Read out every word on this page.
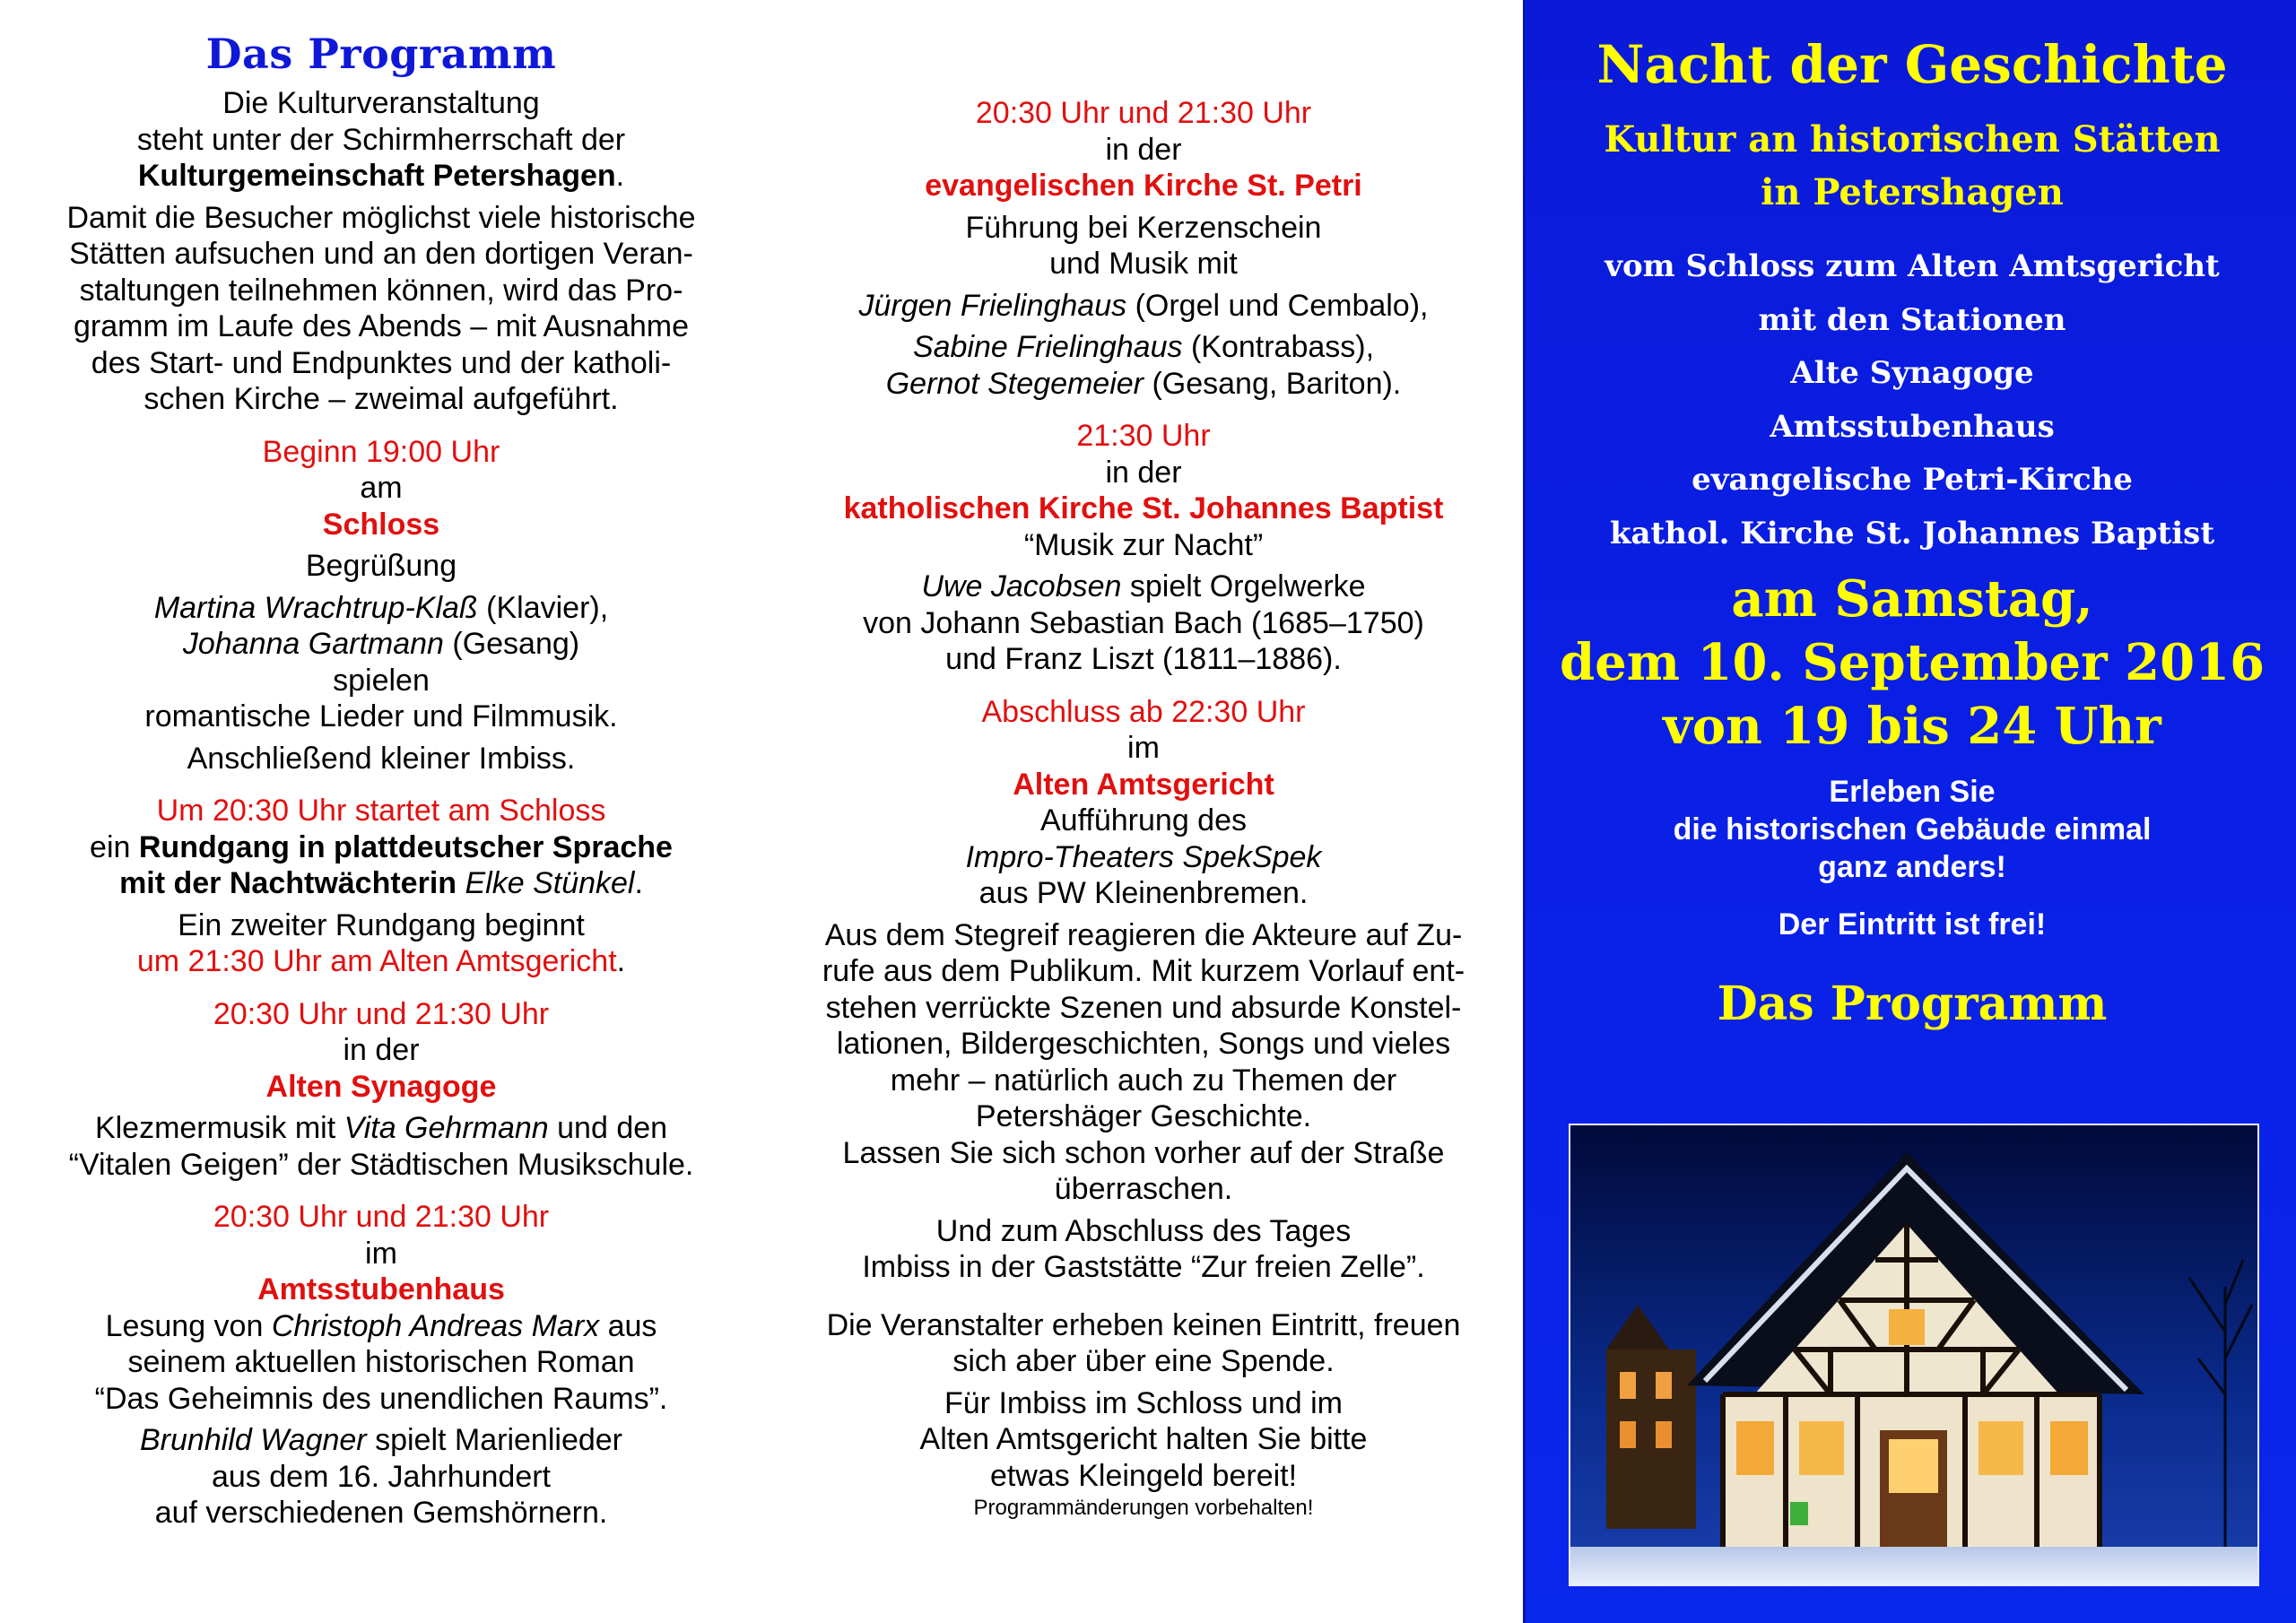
Das Programm
Die Kulturveranstaltung
steht unter der Schirmherrschaft der
Kulturgemeinschaft Petershagen.
Damit die Besucher möglichst viele historische
Stätten aufsuchen und an den dortigen Veran-
staltungen teilnehmen können, wird das Pro-
gramm im Laufe des Abends – mit Ausnahme
des Start- und Endpunktes und der katholi-
schen Kirche – zweimal aufgeführt.
Beginn 19:00 Uhr
am
Schloss
Begrüßung
Martina Wrachtrup-Klaß (Klavier),
Johanna Gartmann (Gesang)
spielen
romantische Lieder und Filmmusik.
Anschließend kleiner Imbiss.
Um 20:30 Uhr startet am Schloss
ein Rundgang in plattdeutscher Sprache
mit der Nachtwächterin Elke Stünkel.
Ein zweiter Rundgang beginnt
um 21:30 Uhr am Alten Amtsgericht.
20:30 Uhr und 21:30 Uhr
in der
Alten Synagoge
Klezmermusik mit Vita Gehrmann und den
“Vitalen Geigen” der Städtischen Musikschule.
20:30 Uhr und 21:30 Uhr
im
Amtsstubenhaus
Lesung von Christoph Andreas Marx aus
seinem aktuellen historischen Roman
“Das Geheimnis des unendlichen Raums”.
Brunhild Wagner spielt Marienlieder
aus dem 16. Jahrhundert
auf verschiedenen Gemshörnern.
20:30 Uhr und 21:30 Uhr
in der
evangelischen Kirche St. Petri
Führung bei Kerzenschein
und Musik mit
Jürgen Frielinghaus (Orgel und Cembalo),
Sabine Frielinghaus (Kontrabass),
Gernot Stegemeier (Gesang, Bariton).
21:30 Uhr
in der
katholischen Kirche St. Johannes Baptist
“Musik zur Nacht”
Uwe Jacobsen spielt Orgelwerke
von Johann Sebastian Bach (1685–1750)
und Franz Liszt (1811–1886).
Abschluss ab 22:30 Uhr
im
Alten Amtsgericht
Aufführung des
Impro-Theaters SpekSpek
aus PW Kleinenbremen.
Aus dem Stegreif reagieren die Akteure auf Zu-
rufe aus dem Publikum. Mit kurzem Vorlauf ent-
stehen verrückte Szenen und absurde Konstel-
lationen, Bildergeschichten, Songs und vieles
mehr – natürlich auch zu Themen der
Petershäger Geschichte.
Lassen Sie sich schon vorher auf der Straße
überraschen.
Und zum Abschluss des Tages
Imbiss in der Gaststätte “Zur freien Zelle”.
Die Veranstalter erheben keinen Eintritt, freuen
sich aber über eine Spende.
Für Imbiss im Schloss und im
Alten Amtsgericht halten Sie bitte
etwas Kleingeld bereit!
Programmänderungen vorbehalten!
Nacht der Geschichte
Kultur an historischen Stätten
in Petershagen
vom Schloss zum Alten Amtsgericht
mit den Stationen
Alte Synagoge
Amtsstubenhaus
evangelische Petri-Kirche
kathol. Kirche St. Johannes Baptist
am Samstag,
dem 10. September 2016
von 19 bis 24 Uhr
Erleben Sie
die historischen Gebäude einmal
ganz anders!
Der Eintritt ist frei!
Das Programm
